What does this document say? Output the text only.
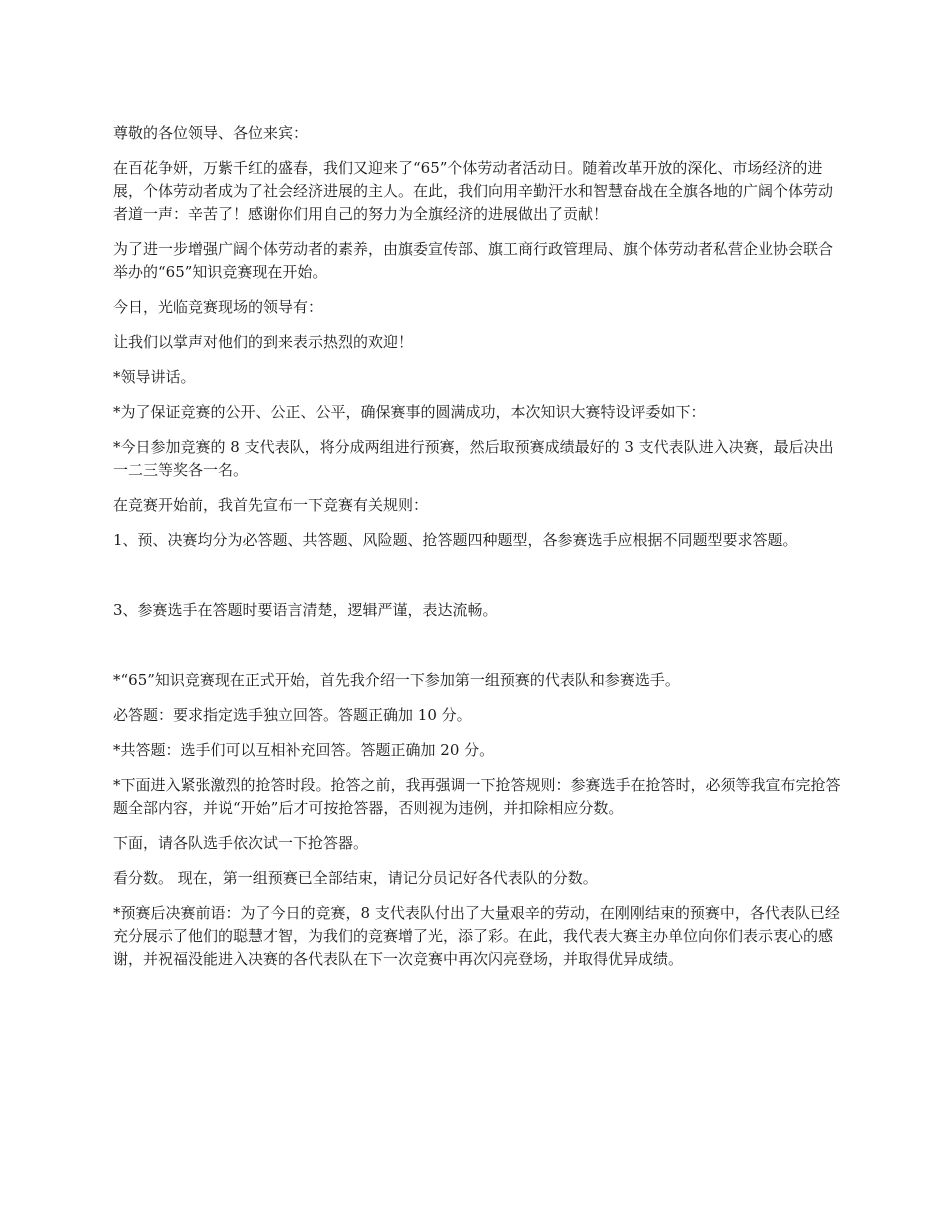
尊敬的各位领导、各位来宾：

在百花争妍，万紫千红的盛春，我们又迎来了“65”个体劳动者活动日。随着改革开放的深化、市场经济的进展，个体劳动者成为了社会经济进展的主人。在此，我们向用辛勤汗水和智慧奋战在全旗各地的广阔个体劳动者道一声：辛苦了！感谢你们用自己的努力为全旗经济的进展做出了贡献！

为了进一步增强广阔个体劳动者的素养，由旗委宣传部、旗工商行政管理局、旗个体劳动者私营企业协会联合举办的“65”知识竞赛现在开始。

今日，光临竞赛现场的领导有：

让我们以掌声对他们的到来表示热烈的欢迎！

*领导讲话。

*为了保证竞赛的公开、公正、公平，确保赛事的圆满成功，本次知识大赛特设评委如下：

*今日参加竞赛的 8 支代表队，将分成两组进行预赛，然后取预赛成绩最好的 3 支代表队进入决赛，最后决出一二三等奖各一名。

在竞赛开始前，我首先宣布一下竞赛有关规则：

1、预、决赛均分为必答题、共答题、风险题、抢答题四种题型，各参赛选手应根据不同题型要求答题。

3、参赛选手在答题时要语言清楚，逻辑严谨，表达流畅。

*“65”知识竞赛现在正式开始，首先我介绍一下参加第一组预赛的代表队和参赛选手。

必答题：要求指定选手独立回答。答题正确加 10 分。

*共答题：选手们可以互相补充回答。答题正确加 20 分。

*下面进入紧张激烈的抢答时段。抢答之前，我再强调一下抢答规则：参赛选手在抢答时，必须等我宣布完抢答题全部内容，并说“开始”后才可按抢答器，否则视为违例，并扣除相应分数。

下面，请各队选手依次试一下抢答器。

看分数。 现在，第一组预赛已全部结束，请记分员记好各代表队的分数。

*预赛后决赛前语：为了今日的竞赛，8 支代表队付出了大量艰辛的劳动，在刚刚结束的预赛中，各代表队已经充分展示了他们的聪慧才智，为我们的竞赛增了光，添了彩。在此，我代表大赛主办单位向你们表示衷心的感谢，并祝福没能进入决赛的各代表队在下一次竞赛中再次闪亮登场，并取得优异成绩。
